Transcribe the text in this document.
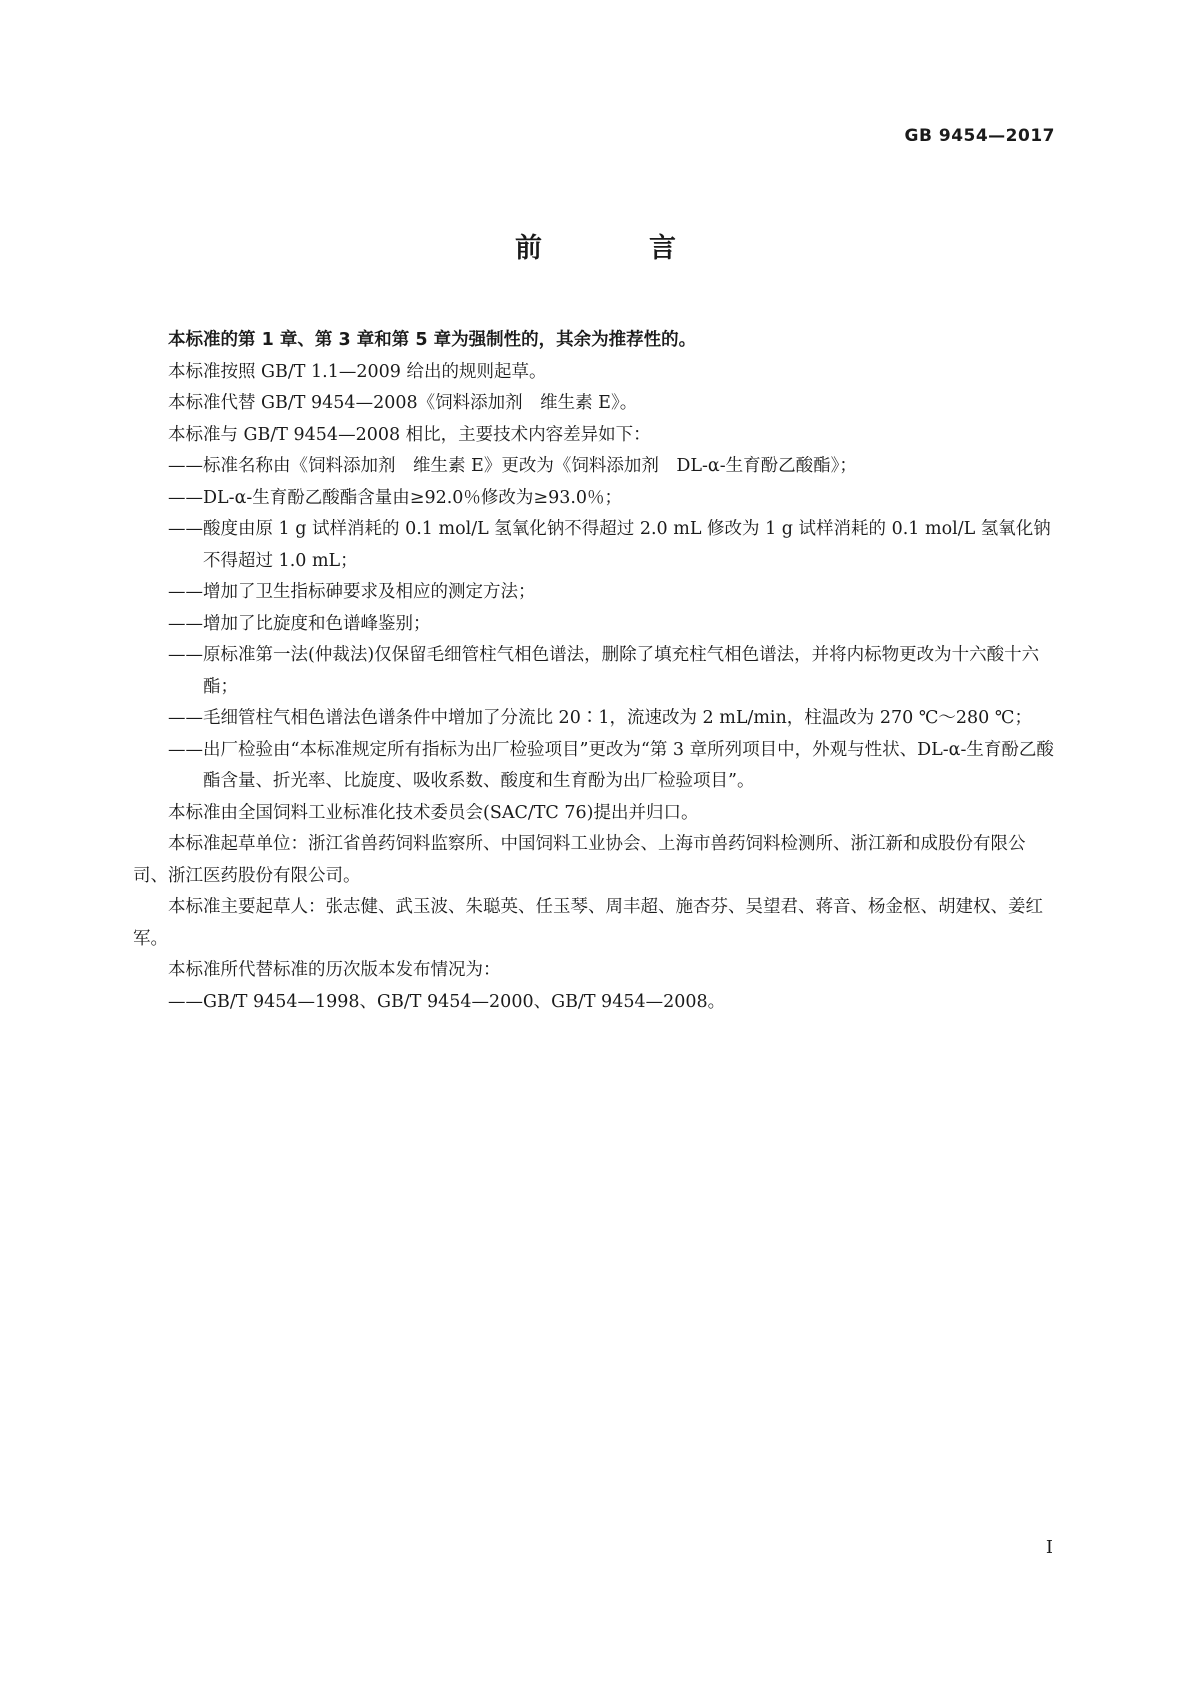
GB 9454—2017
前　言

本标准的第 1 章、第 3 章和第 5 章为强制性的，其余为推荐性的。

本标准按照 GB/T 1.1—2009 给出的规则起草。

本标准代替 GB/T 9454—2008《饲料添加剂　维生素 E》。

本标准与 GB/T 9454—2008 相比，主要技术内容差异如下：

——标准名称由《饲料添加剂　维生素 E》更改为《饲料添加剂　DL-α-生育酚乙酸酯》；

——DL-α-生育酚乙酸酯含量由≥92.0％修改为≥93.0％；

——酸度由原 1 g 试样消耗的 0.1 mol/L 氢氧化钠不得超过 2.0 mL 修改为 1 g 试样消耗的 0.1 mol/L 氢氧化钠不得超过 1.0 mL；

——增加了卫生指标砷要求及相应的测定方法；

——增加了比旋度和色谱峰鉴别；

——原标准第一法(仲裁法)仅保留毛细管柱气相色谱法，删除了填充柱气相色谱法，并将内标物更改为十六酸十六酯；

——毛细管柱气相色谱法色谱条件中增加了分流比 20∶1，流速改为 2 mL/min，柱温改为 270 ℃～280 ℃；

——出厂检验由“本标准规定所有指标为出厂检验项目”更改为“第 3 章所列项目中，外观与性状、DL-α-生育酚乙酸酯含量、折光率、比旋度、吸收系数、酸度和生育酚为出厂检验项目”。

本标准由全国饲料工业标准化技术委员会(SAC/TC 76)提出并归口。

本标准起草单位：浙江省兽药饲料监察所、中国饲料工业协会、上海市兽药饲料检测所、浙江新和成股份有限公司、浙江医药股份有限公司。

本标准主要起草人：张志健、武玉波、朱聪英、任玉琴、周丰超、施杏芬、吴望君、蒋音、杨金枢、胡建权、姜红军。

本标准所代替标准的历次版本发布情况为：

——GB/T 9454—1998、GB/T 9454—2000、GB/T 9454—2008。

I
